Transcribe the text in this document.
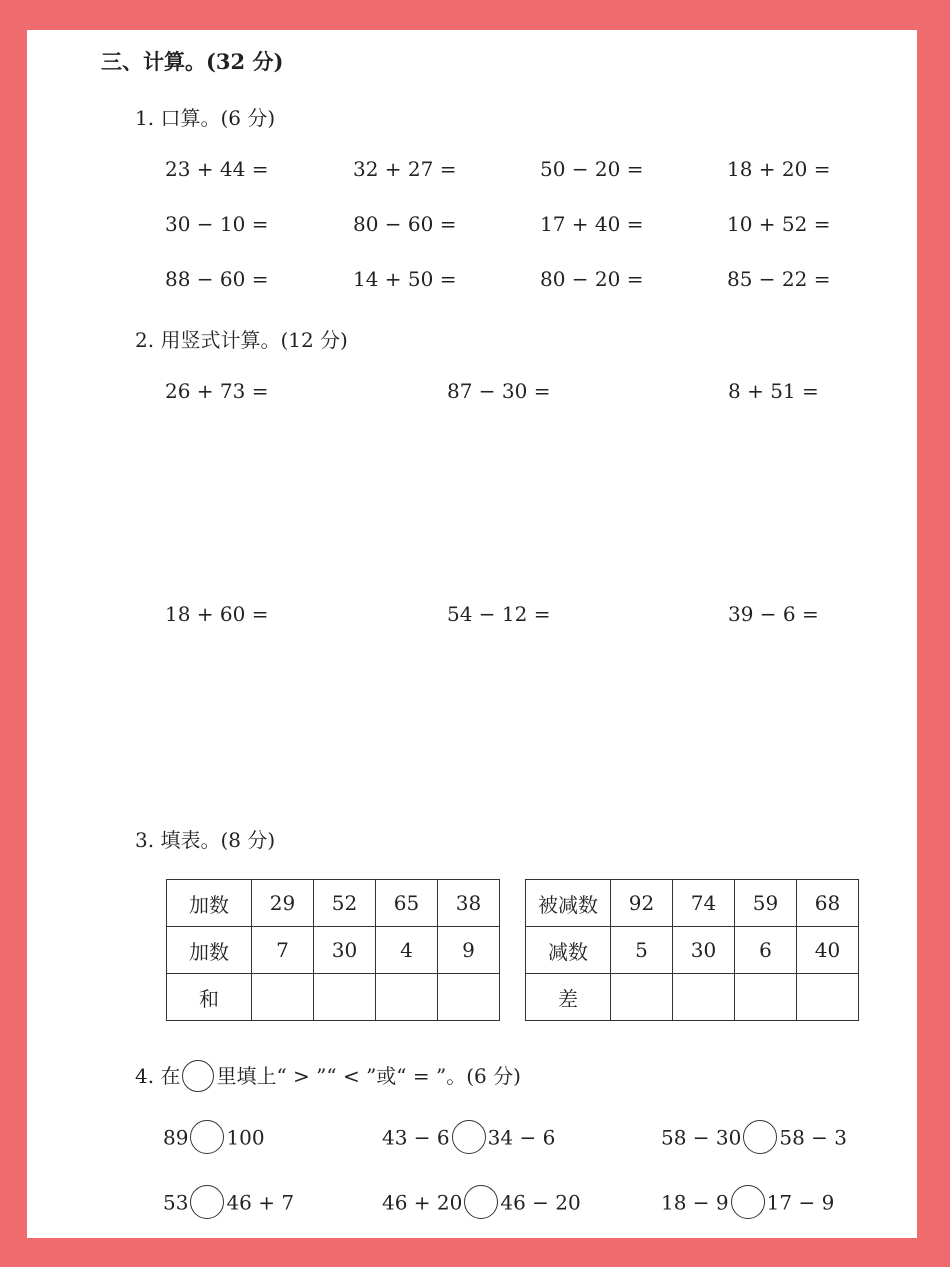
三、计算。(32 分)
1. 口算。(6 分)
23 + 44 =	32 + 27 =	50 − 20 =	18 + 20 =
30 − 10 =	80 − 60 =	17 + 40 =	10 + 52 =
88 − 60 =	14 + 50 =	80 − 20 =	85 − 22 =
2. 用竖式计算。(12 分)
26 + 73 =	87 − 30 =	8 + 51 =
18 + 60 =	54 − 12 =	39 − 6 =
3. 填表。(8 分)
加数	29	52	65	38
加数	7	30	4	9
和				
被减数	92	74	59	68
减数	5	30	6	40
差				
4. 在 里填上“ > ”“ < ”或“ = ”。(6 分)
89 100	43 − 6 34 − 6	58 − 30 58 − 3
53 46 + 7	46 + 20 46 − 20	18 − 9 17 − 9
